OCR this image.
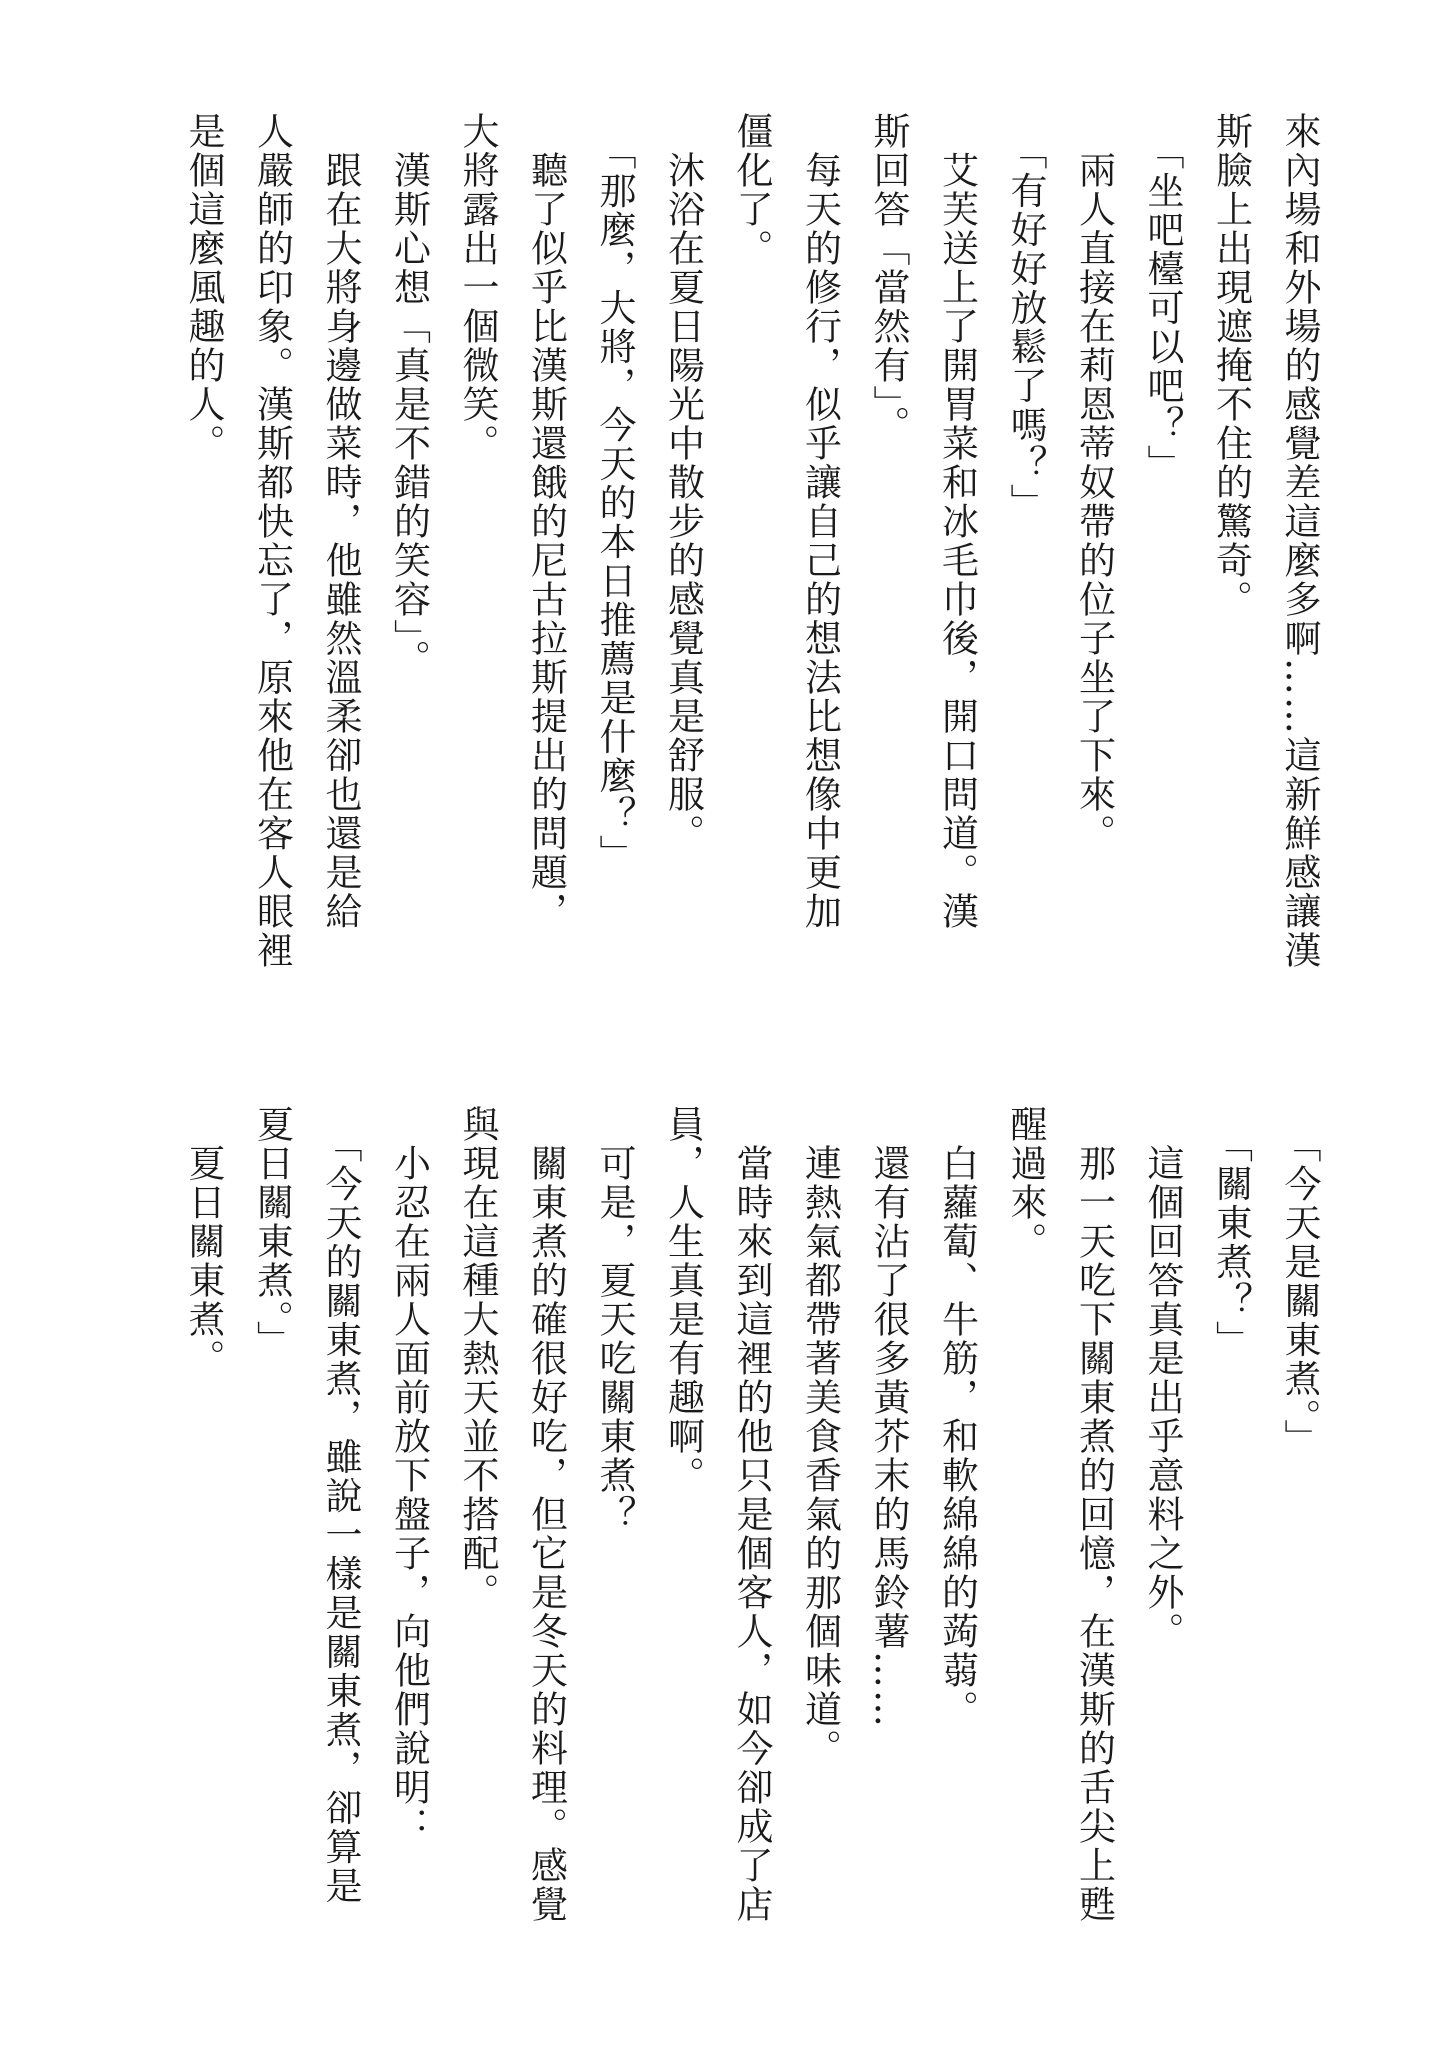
來內場和外場的感覺差這麼多啊……這新鮮感讓漢
斯臉上出現遮掩不住的驚奇。
　「坐吧檯可以吧？」
　兩人直接在莉恩蒂奴帶的位子坐了下來。
　「有好好放鬆了嗎？」
　艾芙送上了開胃菜和冰毛巾後，開口問道。漢
斯回答「當然有」。
　每天的修行，似乎讓自己的想法比想像中更加
僵化了。
　沐浴在夏日陽光中散步的感覺真是舒服。
　「那麼，大將，今天的本日推薦是什麼？」
　聽了似乎比漢斯還餓的尼古拉斯提出的問題，
大將露出一個微笑。
　漢斯心想「真是不錯的笑容」。
　跟在大將身邊做菜時，他雖然溫柔卻也還是給
人嚴師的印象。漢斯都快忘了，原來他在客人眼裡
是個這麼風趣的人。
　「今天是關東煮。」
　「關東煮？」
　這個回答真是出乎意料之外。
　那一天吃下關東煮的回憶，在漢斯的舌尖上甦
醒過來。
　白蘿蔔、牛筋，和軟綿綿的蒟蒻。
　還有沾了很多黃芥末的馬鈴薯……
　連熱氣都帶著美食香氣的那個味道。
　當時來到這裡的他只是個客人，如今卻成了店
員，人生真是有趣啊。
　可是，夏天吃關東煮？
　關東煮的確很好吃，但它是冬天的料理。感覺
與現在這種大熱天並不搭配。
　小忍在兩人面前放下盤子，向他們說明：
　「今天的關東煮，雖說一樣是關東煮，卻算是
夏日關東煮。」
　夏日關東煮。
